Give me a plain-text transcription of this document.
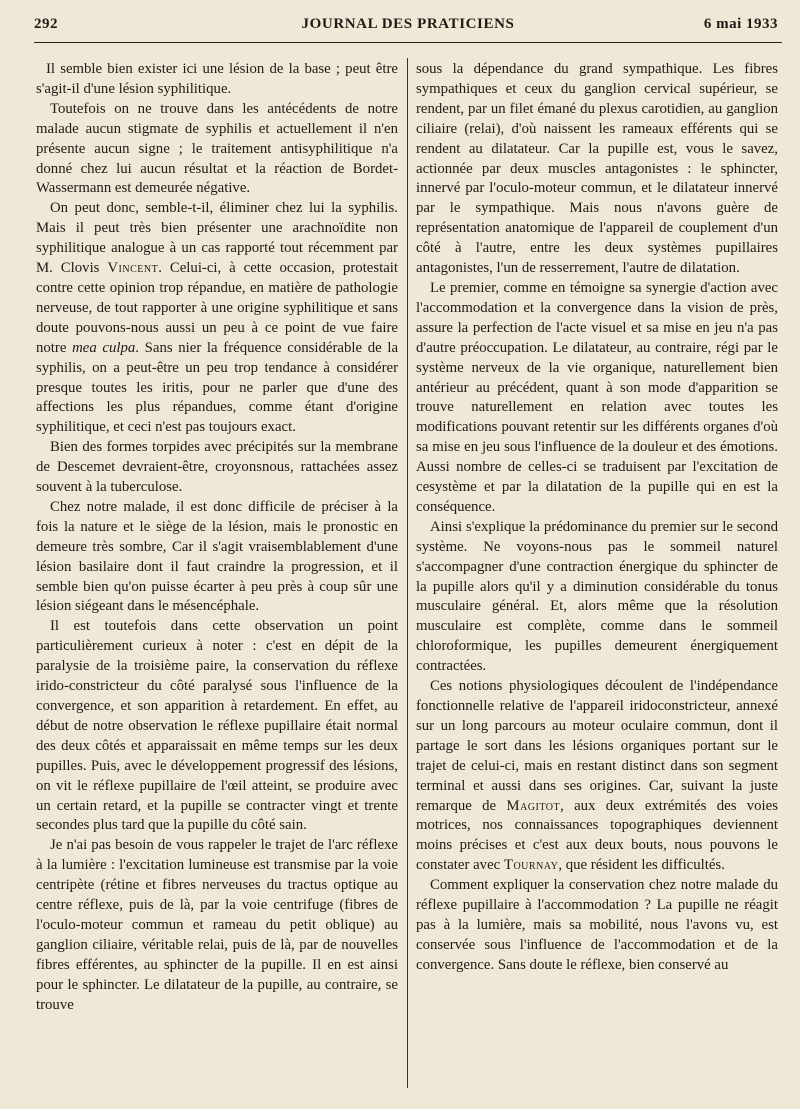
292	JOURNAL DES PRATICIENS	6 mai 1933

Il semble bien exister ici une lésion de la base ; peut être s'agit-il d'une lésion syphilitique.

Toutefois on ne trouve dans les antécédents de notre malade aucun stigmate de syphilis et actuellement il n'en présente aucun signe ; le traitement antisyphilitique n'a donné chez lui aucun résultat et la réaction de Bordet-Wassermann est demeurée négative.

On peut donc, semble-t-il, éliminer chez lui la syphilis. Mais il peut très bien présenter une arachnoïdite non syphilitique analogue à un cas rapporté tout récemment par M. Clovis Vincent. Celui-ci, à cette occasion, protestait contre cette opinion trop répandue, en matière de pathologie nerveuse, de tout rapporter à une origine syphilitique et sans doute pouvons-nous aussi un peu à ce point de vue faire notre mea culpa. Sans nier la fréquence considérable de la syphilis, on a peut-être un peu trop tendance à considérer presque toutes les iritis, pour ne parler que d'une des affections les plus répandues, comme étant d'origine syphilitique, et ceci n'est pas toujours exact.

Bien des formes torpides avec précipités sur la membrane de Descemet devraient-être, croyonsnous, rattachées assez souvent à la tuberculose.

Chez notre malade, il est donc difficile de préciser à la fois la nature et le siège de la lésion, mais le pronostic en demeure très sombre, Car il s'agit vraisemblablement d'une lésion basilaire dont il faut craindre la progression, et il semble bien qu'on puisse écarter à peu près à coup sûr une lésion siégeant dans le mésencéphale.

Il est toutefois dans cette observation un point particulièrement curieux à noter : c'est en dépit de la paralysie de la troisième paire, la conservation du réflexe irido-constricteur du côté paralysé sous l'influence de la convergence, et son apparition à retardement. En effet, au début de notre observation le réflexe pupillaire était normal des deux côtés et apparaissait en même temps sur les deux pupilles. Puis, avec le développement progressif des lésions, on vit le réflexe pupillaire de l'œil atteint, se produire avec un certain retard, et la pupille se contracter vingt et trente secondes plus tard que la pupille du côté sain.

Je n'ai pas besoin de vous rappeler le trajet de l'arc réflexe à la lumière : l'excitation lumineuse est transmise par la voie centripète (rétine et fibres nerveuses du tractus optique au centre réflexe, puis de là, par la voie centrifuge (fibres de l'oculo-moteur commun et rameau du petit oblique) au ganglion ciliaire, véritable relai, puis de là, par de nouvelles fibres efférentes, au sphincter de la pupille. Il en est ainsi pour le sphincter. Le dilatateur de la pupille, au contraire, se trouve

sous la dépendance du grand sympathique. Les fibres sympathiques et ceux du ganglion cervical supérieur, se rendent, par un filet émané du plexus carotidien, au ganglion ciliaire (relai), d'où naissent les rameaux efférents qui se rendent au dilatateur. Car la pupille est, vous le savez, actionnée par deux muscles antagonistes : le sphincter, innervé par l'oculo-moteur commun, et le dilatateur innervé par le sympathique. Mais nous n'avons guère de représentation anatomique de l'appareil de couplement d'un côté à l'autre, entre les deux systèmes pupillaires antagonistes, l'un de resserrement, l'autre de dilatation.

Le premier, comme en témoigne sa synergie d'action avec l'accommodation et la convergence dans la vision de près, assure la perfection de l'acte visuel et sa mise en jeu n'a pas d'autre préoccupation. Le dilatateur, au contraire, régi par le système nerveux de la vie organique, naturellement bien antérieur au précédent, quant à son mode d'apparition se trouve naturellement en relation avec toutes les modifications pouvant retentir sur les différents organes d'où sa mise en jeu sous l'influence de la douleur et des émotions. Aussi nombre de celles-ci se traduisent par l'excitation de cesystème et par la dilatation de la pupille qui en est la conséquence.

Ainsi s'explique la prédominance du premier sur le second système. Ne voyons-nous pas le sommeil naturel s'accompagner d'une contraction énergique du sphincter de la pupille alors qu'il y a diminution considérable du tonus musculaire général. Et, alors même que la résolution musculaire est complète, comme dans le sommeil chloroformique, les pupilles demeurent énergiquement contractées.

Ces notions physiologiques découlent de l'indépendance fonctionnelle relative de l'appareil iridoconstricteur, annexé sur un long parcours au moteur oculaire commun, dont il partage le sort dans les lésions organiques portant sur le trajet de celui-ci, mais en restant distinct dans son segment terminal et aussi dans ses origines. Car, suivant la juste remarque de Magitot, aux deux extrémités des voies motrices, nos connaissances topographiques deviennent moins précises et c'est aux deux bouts, nous pouvons le constater avec Tournay, que résident les difficultés.

Comment expliquer la conservation chez notre malade du réflexe pupillaire à l'accommodation ? La pupille ne réagit pas à la lumière, mais sa mobilité, nous l'avons vu, est conservée sous l'influence de l'accommodation et de la convergence. Sans doute le réflexe, bien conservé au
